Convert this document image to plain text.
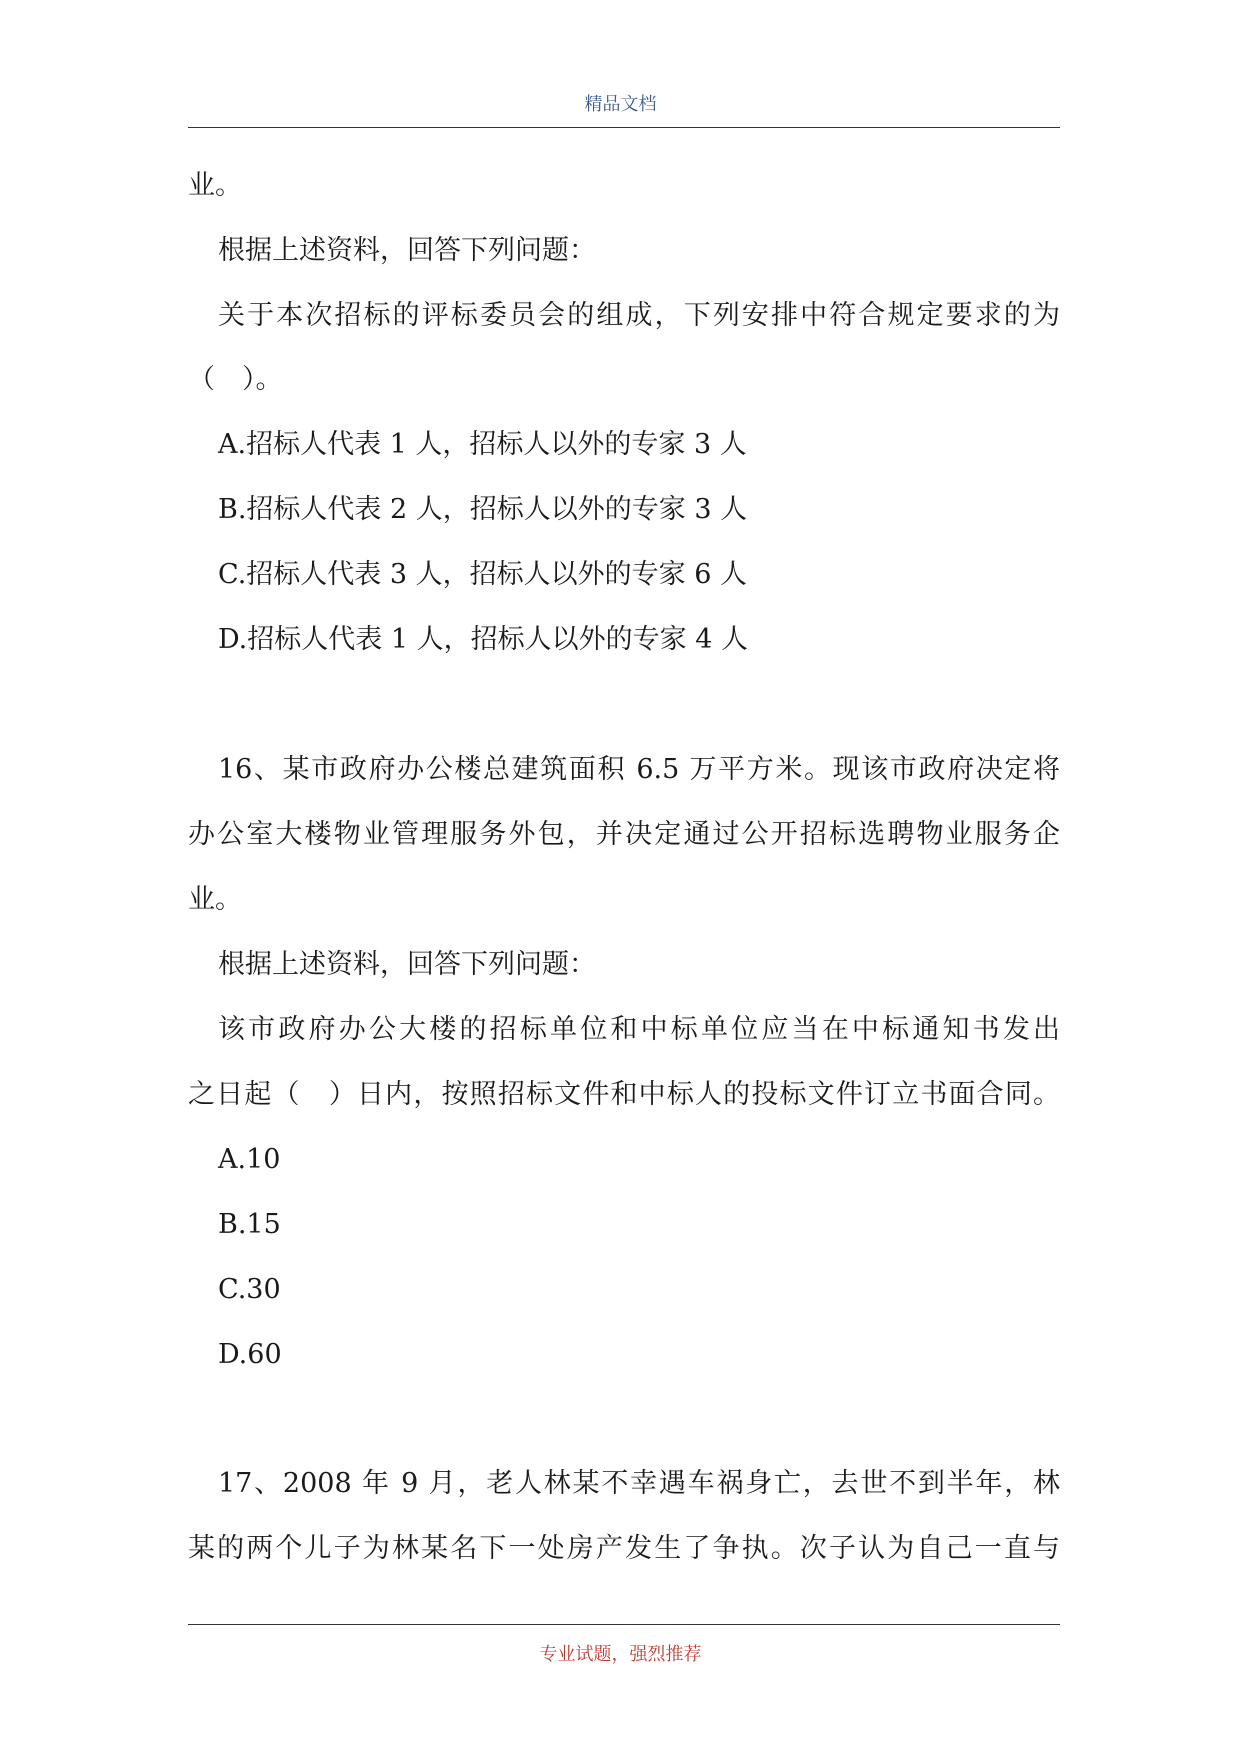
精品文档
业。
根据上述资料，回答下列问题：
关于本次招标的评标委员会的组成，下列安排中符合规定要求的为
（　）。
A.招标人代表 1 人，招标人以外的专家 3 人
B.招标人代表 2 人，招标人以外的专家 3 人
C.招标人代表 3 人，招标人以外的专家 6 人
D.招标人代表 1 人，招标人以外的专家 4 人
16、某市政府办公楼总建筑面积 6.5 万平方米。现该市政府决定将
办公室大楼物业管理服务外包，并决定通过公开招标选聘物业服务企
业。
根据上述资料，回答下列问题：
该市政府办公大楼的招标单位和中标单位应当在中标通知书发出
之日起（　）日内，按照招标文件和中标人的投标文件订立书面合同。
A.10
B.15
C.30
D.60
17、2008 年 9 月，老人林某不幸遇车祸身亡，去世不到半年，林
某的两个儿子为林某名下一处房产发生了争执。次子认为自己一直与
专业试题，强烈推荐
